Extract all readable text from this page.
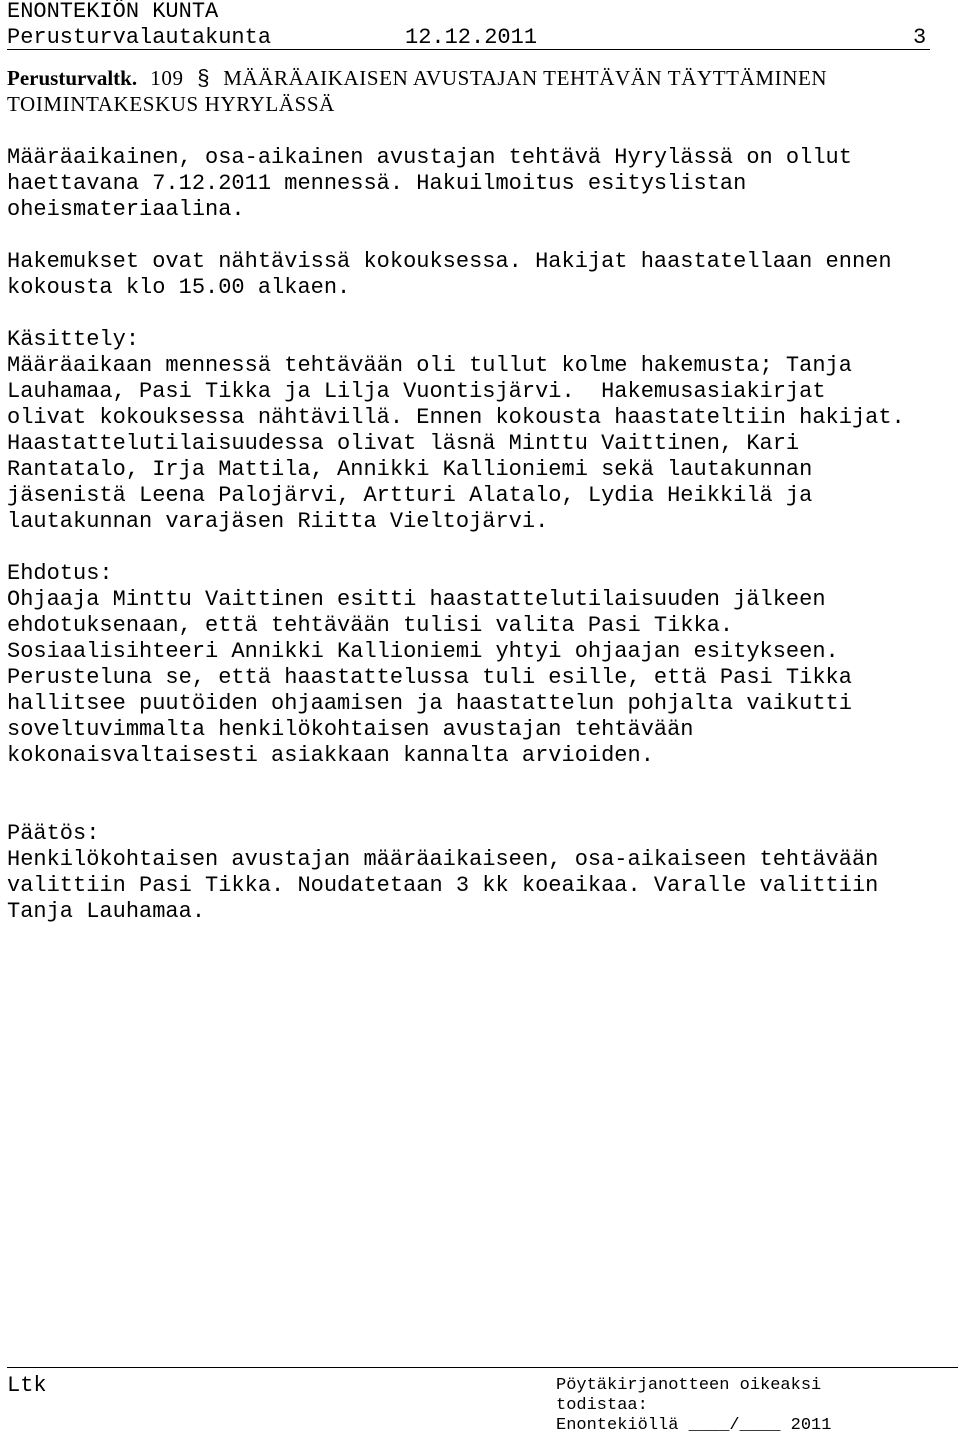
ENONTEKIÖN KUNTA
Perusturvalautakunta	12.12.2011	3
Perusturvaltk. 109 § MÄÄRÄAIKAISEN AVUSTAJAN TEHTÄVÄN TÄYTTÄMINEN
TOIMINTAKESKUS HYRYLÄSSÄ
Määräaikainen, osa-aikainen avustajan tehtävä Hyrylässä on ollut
haettavana 7.12.2011 mennessä. Hakuilmoitus esityslistan
oheismateriaalina.
Hakemukset ovat nähtävissä kokouksessa. Hakijat haastatellaan ennen
kokousta klo 15.00 alkaen.
Käsittely:
Määräaikaan mennessä tehtävään oli tullut kolme hakemusta; Tanja
Lauhamaa, Pasi Tikka ja Lilja Vuontisjärvi.  Hakemusasiakirjat
olivat kokouksessa nähtävillä. Ennen kokousta haastateltiin hakijat.
Haastattelutilaisuudessa olivat läsnä Minttu Vaittinen, Kari
Rantatalo, Irja Mattila, Annikki Kallioniemi sekä lautakunnan
jäsenistä Leena Palojärvi, Artturi Alatalo, Lydia Heikkilä ja
lautakunnan varajäsen Riitta Vieltojärvi.
Ehdotus:
Ohjaaja Minttu Vaittinen esitti haastattelutilaisuuden jälkeen
ehdotuksenaan, että tehtävään tulisi valita Pasi Tikka.
Sosiaalisihteeri Annikki Kallioniemi yhtyi ohjaajan esitykseen.
Perusteluna se, että haastattelussa tuli esille, että Pasi Tikka
hallitsee puutöiden ohjaamisen ja haastattelun pohjalta vaikutti
soveltuvimmalta henkilökohtaisen avustajan tehtävään
kokonaisvaltaisesti asiakkaan kannalta arvioiden.
Päätös:
Henkilökohtaisen avustajan määräaikaiseen, osa-aikaiseen tehtävään
valittiin Pasi Tikka. Noudatetaan 3 kk koeaikaa. Varalle valittiin
Tanja Lauhamaa.
Ltk	Pöytäkirjanotteen oikeaksi
todistaa:
Enontekiöllä ____/____ 2011
